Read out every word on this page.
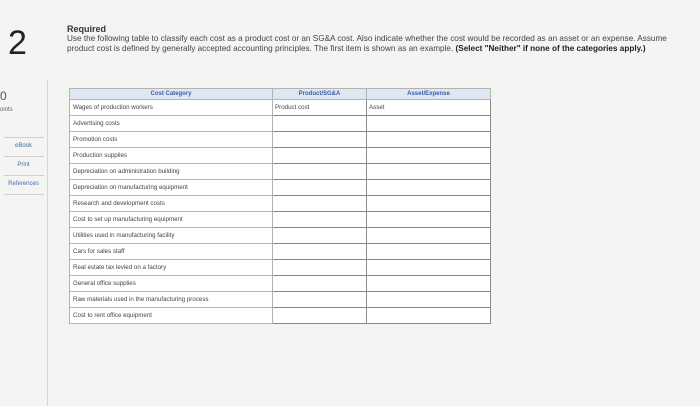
2
0
oints
eBook
Print
References
Required
Use the following table to classify each cost as a product cost or an SG&A cost. Also indicate whether the cost would be recorded as an asset or an expense. Assume product cost is defined by generally accepted accounting principles. The first item is shown as an example. (Select "Neither" if none of the categories apply.)
Cost Category	Product/SG&A	Asset/Expense
Wages of production workers	Product cost	Asset

Advertising costs	

Promotion costs	

Production supplies	

Depreciation on administration building	

Depreciation on manufacturing equipment	

Research and development costs	

Cost to set up manufacturing equipment	

Utilities used in manufacturing facility	

Cars for sales staff	

Real estate tax levied on a factory	

General office supplies	

Raw materials used in the manufacturing process	

Cost to rent office equipment	
